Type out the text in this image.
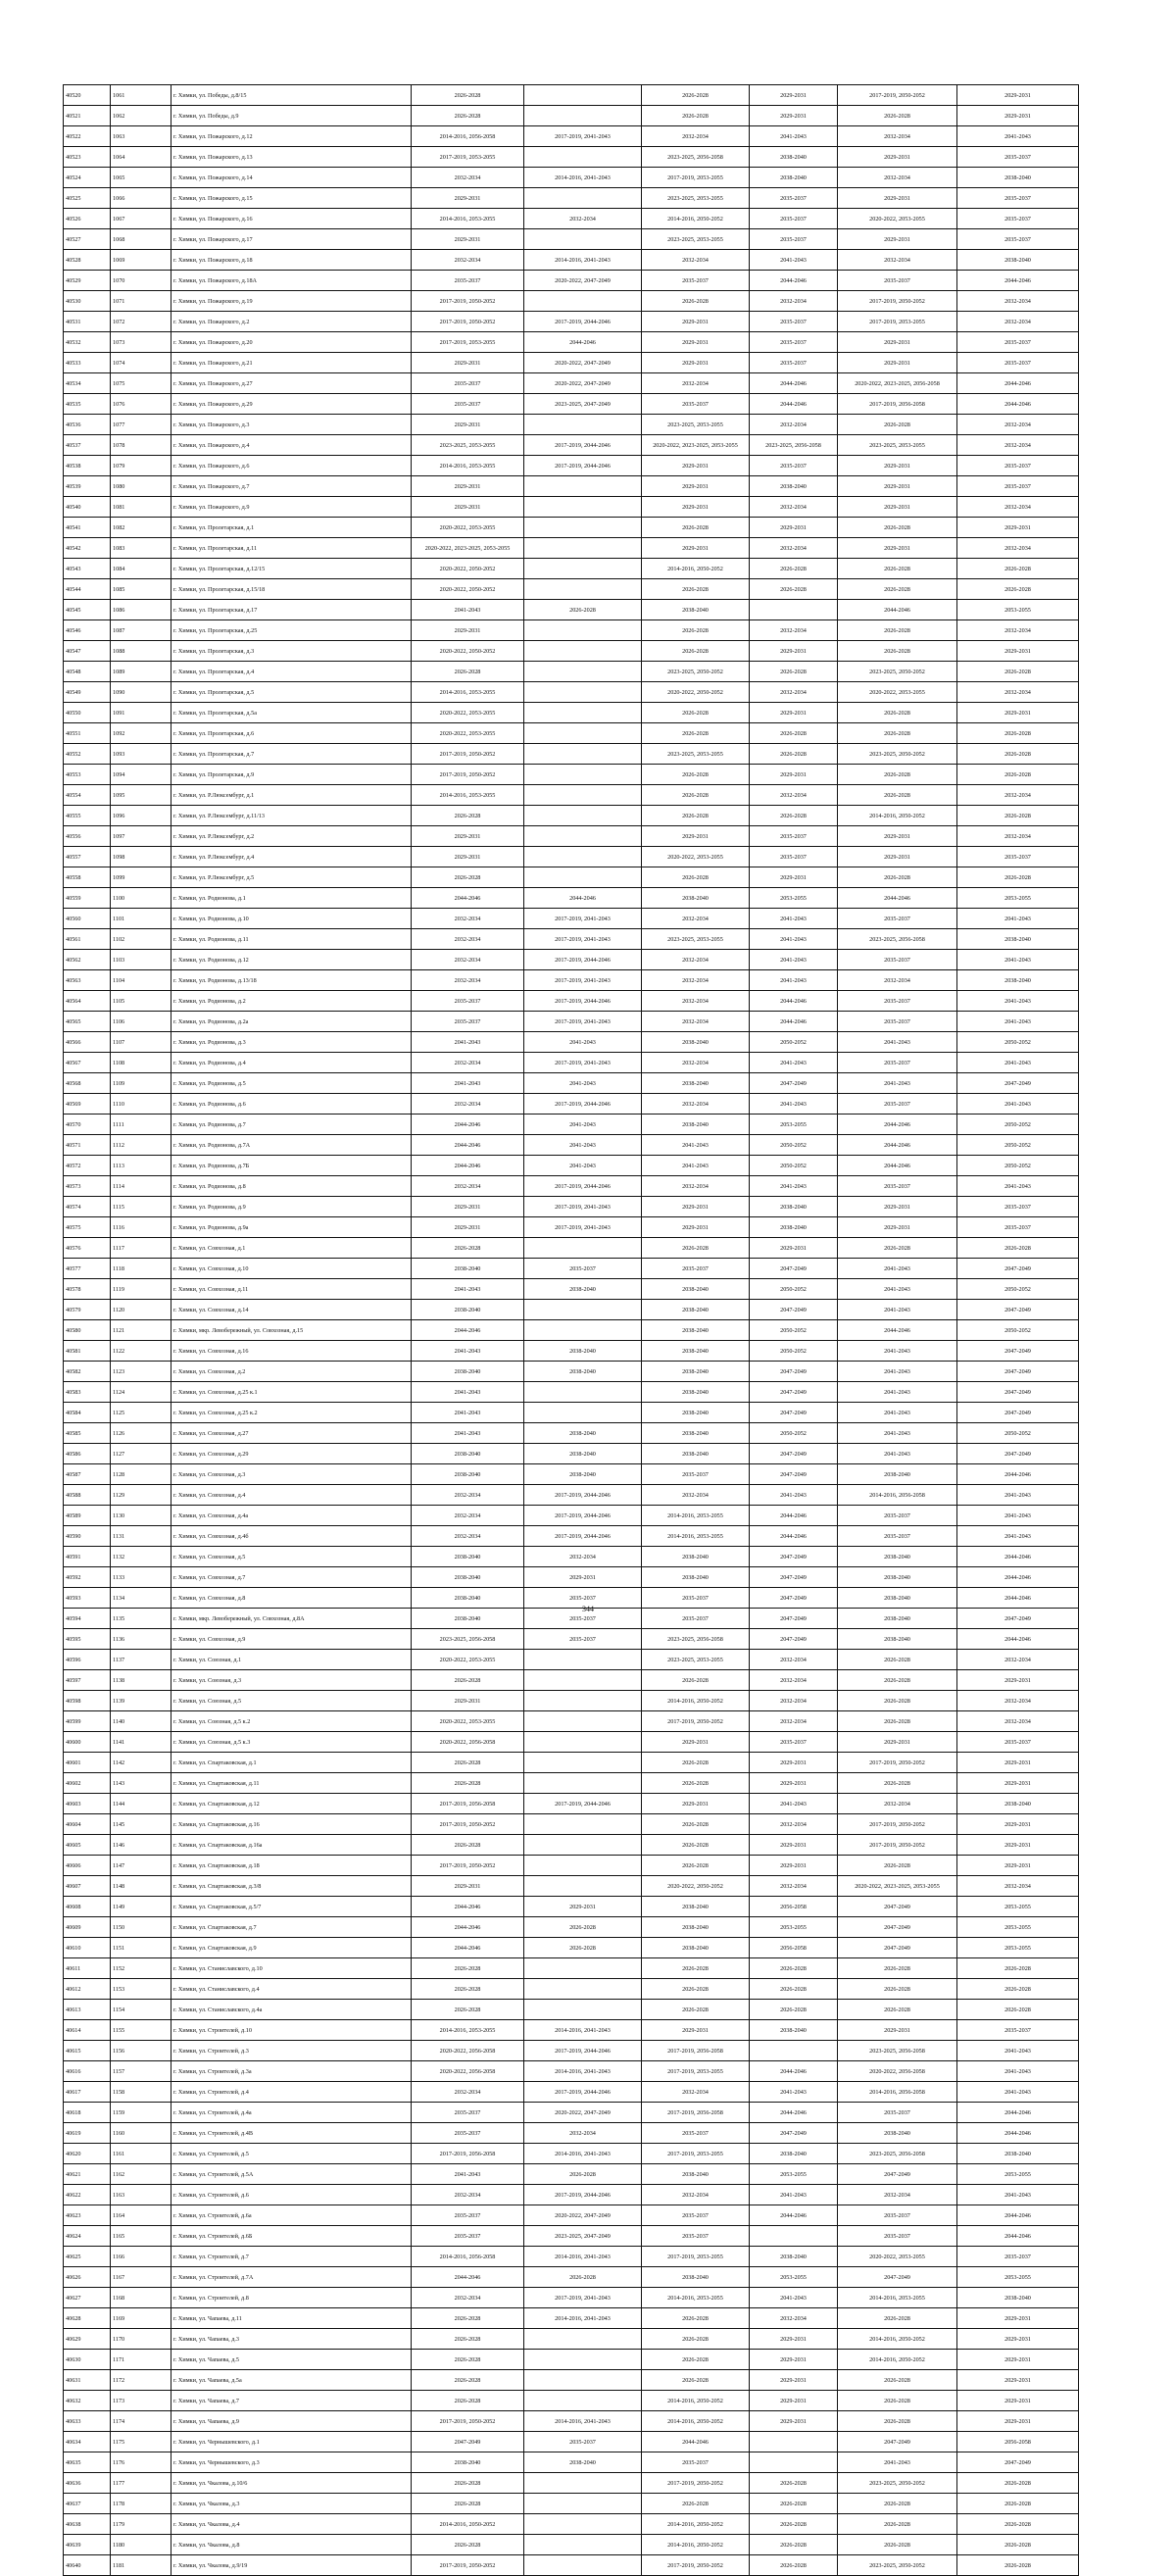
40520	1061	г. Химки, ул. Победы, д.8/15	2026-2028		2026-2028	2029-2031	2017-2019, 2050-2052	2029-2031
40521	1062	г. Химки, ул. Победы, д.9	2026-2028		2026-2028	2029-2031	2026-2028	2029-2031
40522	1063	г. Химки, ул. Пожарского, д.12	2014-2016, 2056-2058	2017-2019, 2041-2043	2032-2034	2041-2043	2032-2034	2041-2043
40523	1064	г. Химки, ул. Пожарского, д.13	2017-2019, 2053-2055		2023-2025, 2056-2058	2038-2040	2029-2031	2035-2037
40524	1065	г. Химки, ул. Пожарского, д.14	2032-2034	2014-2016, 2041-2043	2017-2019, 2053-2055	2038-2040	2032-2034	2038-2040
40525	1066	г. Химки, ул. Пожарского, д.15	2029-2031		2023-2025, 2053-2055	2035-2037	2029-2031	2035-2037
40526	1067	г. Химки, ул. Пожарского, д.16	2014-2016, 2053-2055	2032-2034	2014-2016, 2050-2052	2035-2037	2020-2022, 2053-2055	2035-2037
40527	1068	г. Химки, ул. Пожарского, д.17	2029-2031		2023-2025, 2053-2055	2035-2037	2029-2031	2035-2037
40528	1069	г. Химки, ул. Пожарского, д.18	2032-2034	2014-2016, 2041-2043	2032-2034	2041-2043	2032-2034	2038-2040
40529	1070	г. Химки, ул. Пожарского, д.18А	2035-2037	2020-2022, 2047-2049	2035-2037	2044-2046	2035-2037	2044-2046
40530	1071	г. Химки, ул. Пожарского, д.19	2017-2019, 2050-2052		2026-2028	2032-2034	2017-2019, 2050-2052	2032-2034
40531	1072	г. Химки, ул. Пожарского, д.2	2017-2019, 2050-2052	2017-2019, 2044-2046	2029-2031	2035-2037	2017-2019, 2053-2055	2032-2034
40532	1073	г. Химки, ул. Пожарского, д.20	2017-2019, 2053-2055	2044-2046	2029-2031	2035-2037	2029-2031	2035-2037
40533	1074	г. Химки, ул. Пожарского, д.21	2029-2031	2020-2022, 2047-2049	2029-2031	2035-2037	2029-2031	2035-2037
40534	1075	г. Химки, ул. Пожарского, д.27	2035-2037	2020-2022, 2047-2049	2032-2034	2044-2046	2020-2022, 2023-2025, 2056-2058	2044-2046
40535	1076	г. Химки, ул. Пожарского, д.29	2035-2037	2023-2025, 2047-2049	2035-2037	2044-2046	2017-2019, 2056-2058	2044-2046
40536	1077	г. Химки, ул. Пожарского, д.3	2029-2031		2023-2025, 2053-2055	2032-2034	2026-2028	2032-2034
40537	1078	г. Химки, ул. Пожарского, д.4	2023-2025, 2053-2055	2017-2019, 2044-2046	2020-2022, 2023-2025, 2053-2055	2023-2025, 2056-2058	2023-2025, 2053-2055	2032-2034
40538	1079	г. Химки, ул. Пожарского, д.6	2014-2016, 2053-2055	2017-2019, 2044-2046	2029-2031	2035-2037	2029-2031	2035-2037
40539	1080	г. Химки, ул. Пожарского, д.7	2029-2031		2029-2031	2038-2040	2029-2031	2035-2037
40540	1081	г. Химки, ул. Пожарского, д.9	2029-2031		2029-2031	2032-2034	2029-2031	2032-2034
40541	1082	г. Химки, ул. Пролетарская, д.1	2020-2022, 2053-2055		2026-2028	2029-2031	2026-2028	2029-2031
40542	1083	г. Химки, ул. Пролетарская, д.11	2020-2022, 2023-2025, 2053-2055		2029-2031	2032-2034	2029-2031	2032-2034
40543	1084	г. Химки, ул. Пролетарская, д.12/15	2020-2022, 2050-2052		2014-2016, 2050-2052	2026-2028	2026-2028	2026-2028
40544	1085	г. Химки, ул. Пролетарская, д.15/18	2020-2022, 2050-2052		2026-2028	2026-2028	2026-2028	2026-2028
40545	1086	г. Химки, ул. Пролетарская, д.17	2041-2043	2026-2028	2038-2040		2044-2046	2053-2055
40546	1087	г. Химки, ул. Пролетарская, д.25	2029-2031		2026-2028	2032-2034	2026-2028	2032-2034
40547	1088	г. Химки, ул. Пролетарская, д.3	2020-2022, 2050-2052		2026-2028	2029-2031	2026-2028	2029-2031
40548	1089	г. Химки, ул. Пролетарская, д.4	2026-2028		2023-2025, 2050-2052	2026-2028	2023-2025, 2050-2052	2026-2028
40549	1090	г. Химки, ул. Пролетарская, д.5	2014-2016, 2053-2055		2020-2022, 2050-2052	2032-2034	2020-2022, 2053-2055	2032-2034
40550	1091	г. Химки, ул. Пролетарская, д.5а	2020-2022, 2053-2055		2026-2028	2029-2031	2026-2028	2029-2031
40551	1092	г. Химки, ул. Пролетарская, д.6	2020-2022, 2053-2055		2026-2028	2026-2028	2026-2028	2026-2028
40552	1093	г. Химки, ул. Пролетарская, д.7	2017-2019, 2050-2052		2023-2025, 2053-2055	2026-2028	2023-2025, 2050-2052	2026-2028
40553	1094	г. Химки, ул. Пролетарская, д.9	2017-2019, 2050-2052		2026-2028	2029-2031	2026-2028	2026-2028
40554	1095	г. Химки, ул. Р.Люксембург, д.1	2014-2016, 2053-2055		2026-2028	2032-2034	2026-2028	2032-2034
40555	1096	г. Химки, ул. Р.Люксембург, д.11/13	2026-2028		2026-2028	2026-2028	2014-2016, 2050-2052	2026-2028
40556	1097	г. Химки, ул. Р.Люксембург, д.2	2029-2031		2029-2031	2035-2037	2029-2031	2032-2034
40557	1098	г. Химки, ул. Р.Люксембург, д.4	2029-2031		2020-2022, 2053-2055	2035-2037	2029-2031	2035-2037
40558	1099	г. Химки, ул. Р.Люксембург, д.5	2026-2028		2026-2028	2029-2031	2026-2028	2026-2028
40559	1100	г. Химки, ул. Родионова, д.1	2044-2046	2044-2046	2038-2040	2053-2055	2044-2046	2053-2055
40560	1101	г. Химки, ул. Родионова, д.10	2032-2034	2017-2019, 2041-2043	2032-2034	2041-2043	2035-2037	2041-2043
40561	1102	г. Химки, ул. Родионова, д.11	2032-2034	2017-2019, 2041-2043	2023-2025, 2053-2055	2041-2043	2023-2025, 2056-2058	2038-2040
40562	1103	г. Химки, ул. Родионова, д.12	2032-2034	2017-2019, 2044-2046	2032-2034	2041-2043	2035-2037	2041-2043
40563	1104	г. Химки, ул. Родионова, д.13/18	2032-2034	2017-2019, 2041-2043	2032-2034	2041-2043	2032-2034	2038-2040
40564	1105	г. Химки, ул. Родионова, д.2	2035-2037	2017-2019, 2044-2046	2032-2034	2044-2046	2035-2037	2041-2043
40565	1106	г. Химки, ул. Родионова, д.2а	2035-2037	2017-2019, 2041-2043	2032-2034	2044-2046	2035-2037	2041-2043
40566	1107	г. Химки, ул. Родионова, д.3	2041-2043	2041-2043	2038-2040	2050-2052	2041-2043	2050-2052
40567	1108	г. Химки, ул. Родионова, д.4	2032-2034	2017-2019, 2041-2043	2032-2034	2041-2043	2035-2037	2041-2043
40568	1109	г. Химки, ул. Родионова, д.5	2041-2043	2041-2043	2038-2040	2047-2049	2041-2043	2047-2049
40569	1110	г. Химки, ул. Родионова, д.6	2032-2034	2017-2019, 2044-2046	2032-2034	2041-2043	2035-2037	2041-2043
40570	1111	г. Химки, ул. Родионова, д.7	2044-2046	2041-2043	2038-2040	2053-2055	2044-2046	2050-2052
40571	1112	г. Химки, ул. Родионова, д.7А	2044-2046	2041-2043	2041-2043	2050-2052	2044-2046	2050-2052
40572	1113	г. Химки, ул. Родионова, д.7Б	2044-2046	2041-2043	2041-2043	2050-2052	2044-2046	2050-2052
40573	1114	г. Химки, ул. Родионова, д.8	2032-2034	2017-2019, 2044-2046	2032-2034	2041-2043	2035-2037	2041-2043
40574	1115	г. Химки, ул. Родионова, д.9	2029-2031	2017-2019, 2041-2043	2029-2031	2038-2040	2029-2031	2035-2037
40575	1116	г. Химки, ул. Родионова, д.9а	2029-2031	2017-2019, 2041-2043	2029-2031	2038-2040	2029-2031	2035-2037
40576	1117	г. Химки, ул. Совхозная, д.1	2026-2028		2026-2028	2029-2031	2026-2028	2026-2028
40577	1118	г. Химки, ул. Совхозная, д.10	2038-2040	2035-2037	2035-2037	2047-2049	2041-2043	2047-2049
40578	1119	г. Химки, ул. Совхозная, д.11	2041-2043	2038-2040	2038-2040	2050-2052	2041-2043	2050-2052
40579	1120	г. Химки, ул. Совхозная, д.14	2038-2040		2038-2040	2047-2049	2041-2043	2047-2049
40580	1121	г. Химки, мкр. Левобережный, ул. Совхозная, д.15	2044-2046		2038-2040	2050-2052	2044-2046	2050-2052
40581	1122	г. Химки, ул. Совхозная, д.16	2041-2043	2038-2040	2038-2040	2050-2052	2041-2043	2047-2049
40582	1123	г. Химки, ул. Совхозная, д.2	2038-2040	2038-2040	2038-2040	2047-2049	2041-2043	2047-2049
40583	1124	г. Химки, ул. Совхозная, д.25 к.1	2041-2043		2038-2040	2047-2049	2041-2043	2047-2049
40584	1125	г. Химки, ул. Совхозная, д.25 к.2	2041-2043		2038-2040	2047-2049	2041-2043	2047-2049
40585	1126	г. Химки, ул. Совхозная, д.27	2041-2043	2038-2040	2038-2040	2050-2052	2041-2043	2050-2052
40586	1127	г. Химки, ул. Совхозная, д.29	2038-2040	2038-2040	2038-2040	2047-2049	2041-2043	2047-2049
40587	1128	г. Химки, ул. Совхозная, д.3	2038-2040	2038-2040	2035-2037	2047-2049	2038-2040	2044-2046
40588	1129	г. Химки, ул. Совхозная, д.4	2032-2034	2017-2019, 2044-2046	2032-2034	2041-2043	2014-2016, 2056-2058	2041-2043
40589	1130	г. Химки, ул. Совхозная, д.4а	2032-2034	2017-2019, 2044-2046	2014-2016, 2053-2055	2044-2046	2035-2037	2041-2043
40590	1131	г. Химки, ул. Совхозная, д.4б	2032-2034	2017-2019, 2044-2046	2014-2016, 2053-2055	2044-2046	2035-2037	2041-2043
40591	1132	г. Химки, ул. Совхозная, д.5	2038-2040	2032-2034	2038-2040	2047-2049	2038-2040	2044-2046
40592	1133	г. Химки, ул. Совхозная, д.7	2038-2040	2029-2031	2038-2040	2047-2049	2038-2040	2044-2046
40593	1134	г. Химки, ул. Совхозная, д.8	2038-2040	2035-2037	2035-2037	2047-2049	2038-2040	2044-2046
40594	1135	г. Химки, мкр. Левобережный, ул. Совхозная, д.8А	2038-2040	2035-2037	2035-2037	2047-2049	2038-2040	2047-2049
40595	1136	г. Химки, ул. Совхозная, д.9	2023-2025, 2056-2058	2035-2037	2023-2025, 2056-2058	2047-2049	2038-2040	2044-2046
40596	1137	г. Химки, ул. Союзная, д.1	2020-2022, 2053-2055		2023-2025, 2053-2055	2032-2034	2026-2028	2032-2034
40597	1138	г. Химки, ул. Союзная, д.3	2026-2028		2026-2028	2032-2034	2026-2028	2029-2031
40598	1139	г. Химки, ул. Союзная, д.5	2029-2031		2014-2016, 2050-2052	2032-2034	2026-2028	2032-2034
40599	1140	г. Химки, ул. Союзная, д.5 к.2	2020-2022, 2053-2055		2017-2019, 2050-2052	2032-2034	2026-2028	2032-2034
40600	1141	г. Химки, ул. Союзная, д.5 к.3	2020-2022, 2056-2058		2029-2031	2035-2037	2029-2031	2035-2037
40601	1142	г. Химки, ул. Спартаковская, д.1	2026-2028		2026-2028	2029-2031	2017-2019, 2050-2052	2029-2031
40602	1143	г. Химки, ул. Спартаковская, д.11	2026-2028		2026-2028	2029-2031	2026-2028	2029-2031
40603	1144	г. Химки, ул. Спартаковская, д.12	2017-2019, 2056-2058	2017-2019, 2044-2046	2029-2031	2041-2043	2032-2034	2038-2040
40604	1145	г. Химки, ул. Спартаковская, д.16	2017-2019, 2050-2052		2026-2028	2032-2034	2017-2019, 2050-2052	2029-2031
40605	1146	г. Химки, ул. Спартаковская, д.16а	2026-2028		2026-2028	2029-2031	2017-2019, 2050-2052	2029-2031
40606	1147	г. Химки, ул. Спартаковская, д.18	2017-2019, 2050-2052		2026-2028	2029-2031	2026-2028	2029-2031
40607	1148	г. Химки, ул. Спартаковская, д.3/8	2029-2031		2020-2022, 2050-2052	2032-2034	2020-2022, 2023-2025, 2053-2055	2032-2034
40608	1149	г. Химки, ул. Спартаковская, д.5/7	2044-2046	2029-2031	2038-2040	2056-2058	2047-2049	2053-2055
40609	1150	г. Химки, ул. Спартаковская, д.7	2044-2046	2026-2028	2038-2040	2053-2055	2047-2049	2053-2055
40610	1151	г. Химки, ул. Спартаковская, д.9	2044-2046	2026-2028	2038-2040	2056-2058	2047-2049	2053-2055
40611	1152	г. Химки, ул. Станиславского, д.10	2026-2028		2026-2028	2026-2028	2026-2028	2026-2028
40612	1153	г. Химки, ул. Станиславского, д.4	2026-2028		2026-2028	2026-2028	2026-2028	2026-2028
40613	1154	г. Химки, ул. Станиславского, д.4а	2026-2028		2026-2028	2026-2028	2026-2028	2026-2028
40614	1155	г. Химки, ул. Строителей, д.10	2014-2016, 2053-2055	2014-2016, 2041-2043	2029-2031	2038-2040	2029-2031	2035-2037
40615	1156	г. Химки, ул. Строителей, д.3	2020-2022, 2056-2058	2017-2019, 2044-2046	2017-2019, 2056-2058		2023-2025, 2056-2058	2041-2043
40616	1157	г. Химки, ул. Строителей, д.3а	2020-2022, 2056-2058	2014-2016, 2041-2043	2017-2019, 2053-2055	2044-2046	2020-2022, 2056-2058	2041-2043
40617	1158	г. Химки, ул. Строителей, д.4	2032-2034	2017-2019, 2044-2046	2032-2034	2041-2043	2014-2016, 2056-2058	2041-2043
40618	1159	г. Химки, ул. Строителей, д.4а	2035-2037	2020-2022, 2047-2049	2017-2019, 2056-2058	2044-2046	2035-2037	2044-2046
40619	1160	г. Химки, ул. Строителей, д.4В	2035-2037	2032-2034	2035-2037	2047-2049	2038-2040	2044-2046
40620	1161	г. Химки, ул. Строителей, д.5	2017-2019, 2056-2058	2014-2016, 2041-2043	2017-2019, 2053-2055	2038-2040	2023-2025, 2056-2058	2038-2040
40621	1162	г. Химки, ул. Строителей, д.5А	2041-2043	2026-2028	2038-2040	2053-2055	2047-2049	2053-2055
40622	1163	г. Химки, ул. Строителей, д.6	2032-2034	2017-2019, 2044-2046	2032-2034	2041-2043	2032-2034	2041-2043
40623	1164	г. Химки, ул. Строителей, д.6а	2035-2037	2020-2022, 2047-2049	2035-2037	2044-2046	2035-2037	2044-2046
40624	1165	г. Химки, ул. Строителей, д.6Б	2035-2037	2023-2025, 2047-2049	2035-2037		2035-2037	2044-2046
40625	1166	г. Химки, ул. Строителей, д.7	2014-2016, 2056-2058	2014-2016, 2041-2043	2017-2019, 2053-2055	2038-2040	2020-2022, 2053-2055	2035-2037
40626	1167	г. Химки, ул. Строителей, д.7А	2044-2046	2026-2028	2038-2040	2053-2055	2047-2049	2053-2055
40627	1168	г. Химки, ул. Строителей, д.8	2032-2034	2017-2019, 2041-2043	2014-2016, 2053-2055	2041-2043	2014-2016, 2053-2055	2038-2040
40628	1169	г. Химки, ул. Чапаева, д.11	2026-2028	2014-2016, 2041-2043	2026-2028	2032-2034	2026-2028	2029-2031
40629	1170	г. Химки, ул. Чапаева, д.3	2026-2028		2026-2028	2029-2031	2014-2016, 2050-2052	2029-2031
40630	1171	г. Химки, ул. Чапаева, д.5	2026-2028		2026-2028	2029-2031	2014-2016, 2050-2052	2029-2031
40631	1172	г. Химки, ул. Чапаева, д.5а	2026-2028		2026-2028	2029-2031	2026-2028	2029-2031
40632	1173	г. Химки, ул. Чапаева, д.7	2026-2028		2014-2016, 2050-2052	2029-2031	2026-2028	2029-2031
40633	1174	г. Химки, ул. Чапаева, д.9	2017-2019, 2050-2052	2014-2016, 2041-2043	2014-2016, 2050-2052	2029-2031	2026-2028	2029-2031
40634	1175	г. Химки, ул. Чернышевского, д.1	2047-2049	2035-2037	2044-2046		2047-2049	2056-2058
40635	1176	г. Химки, ул. Чернышевского, д.3	2038-2040	2038-2040	2035-2037		2041-2043	2047-2049
40636	1177	г. Химки, ул. Чкалова, д.10/6	2026-2028		2017-2019, 2050-2052	2026-2028	2023-2025, 2050-2052	2026-2028
40637	1178	г. Химки, ул. Чкалова, д.3	2026-2028		2026-2028	2026-2028	2026-2028	2026-2028
40638	1179	г. Химки, ул. Чкалова, д.4	2014-2016, 2050-2052		2014-2016, 2050-2052	2026-2028	2026-2028	2026-2028
40639	1180	г. Химки, ул. Чкалова, д.8	2026-2028		2014-2016, 2050-2052	2026-2028	2026-2028	2026-2028
40640	1181	г. Химки, ул. Чкалова, д.9/19	2017-2019, 2050-2052		2017-2019, 2050-2052	2026-2028	2023-2025, 2050-2052	2026-2028
344
